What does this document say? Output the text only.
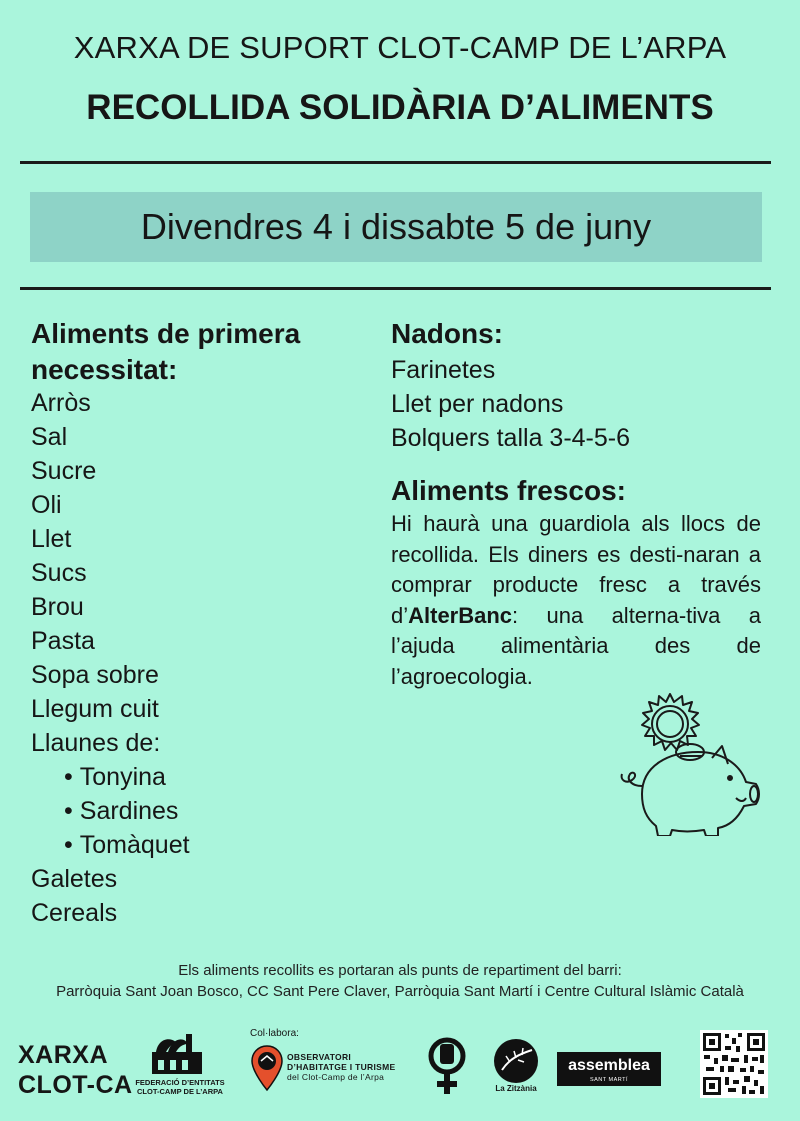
XARXA DE SUPORT CLOT-CAMP DE L’ARPA
RECOLLIDA SOLIDÀRIA D’ALIMENTS
Divendres 4 i dissabte 5 de juny
Aliments de primera
necessitat:
Arròs
Sal
Sucre
Oli
Llet
Sucs
Brou
Pasta
Sopa sobre
Llegum cuit
Llaunes de:
• Tonyina
• Sardines
• Tomàquet
Galetes
Cereals
Nadons:
Farinetes
Llet per nadons
Bolquers talla 3-4-5-6
Aliments frescos:
Hi haurà una guardiola als llocs de recollida. Els diners es desti-naran a comprar producte fresc a través d’AlterBanc: una alterna-tiva a l’ajuda alimentària des de l’agroecologia.
Els aliments recollits es portaran als punts de repartiment del barri:
Parròquia Sant Joan Bosco, CC Sant Pere Claver, Parròquia Sant Martí i Centre Cultural Islàmic Català
XARXA
CLOT-CA FEDERACIÓ D’ENTITATS
CLOT-CAMP DE L’ARPA
Col·labora:
OBSERVATORI
D’HABITATGE I TURISME
del Clot-Camp de l’Arpa
La Zitzània
assemblea
SANT MARTÍ
